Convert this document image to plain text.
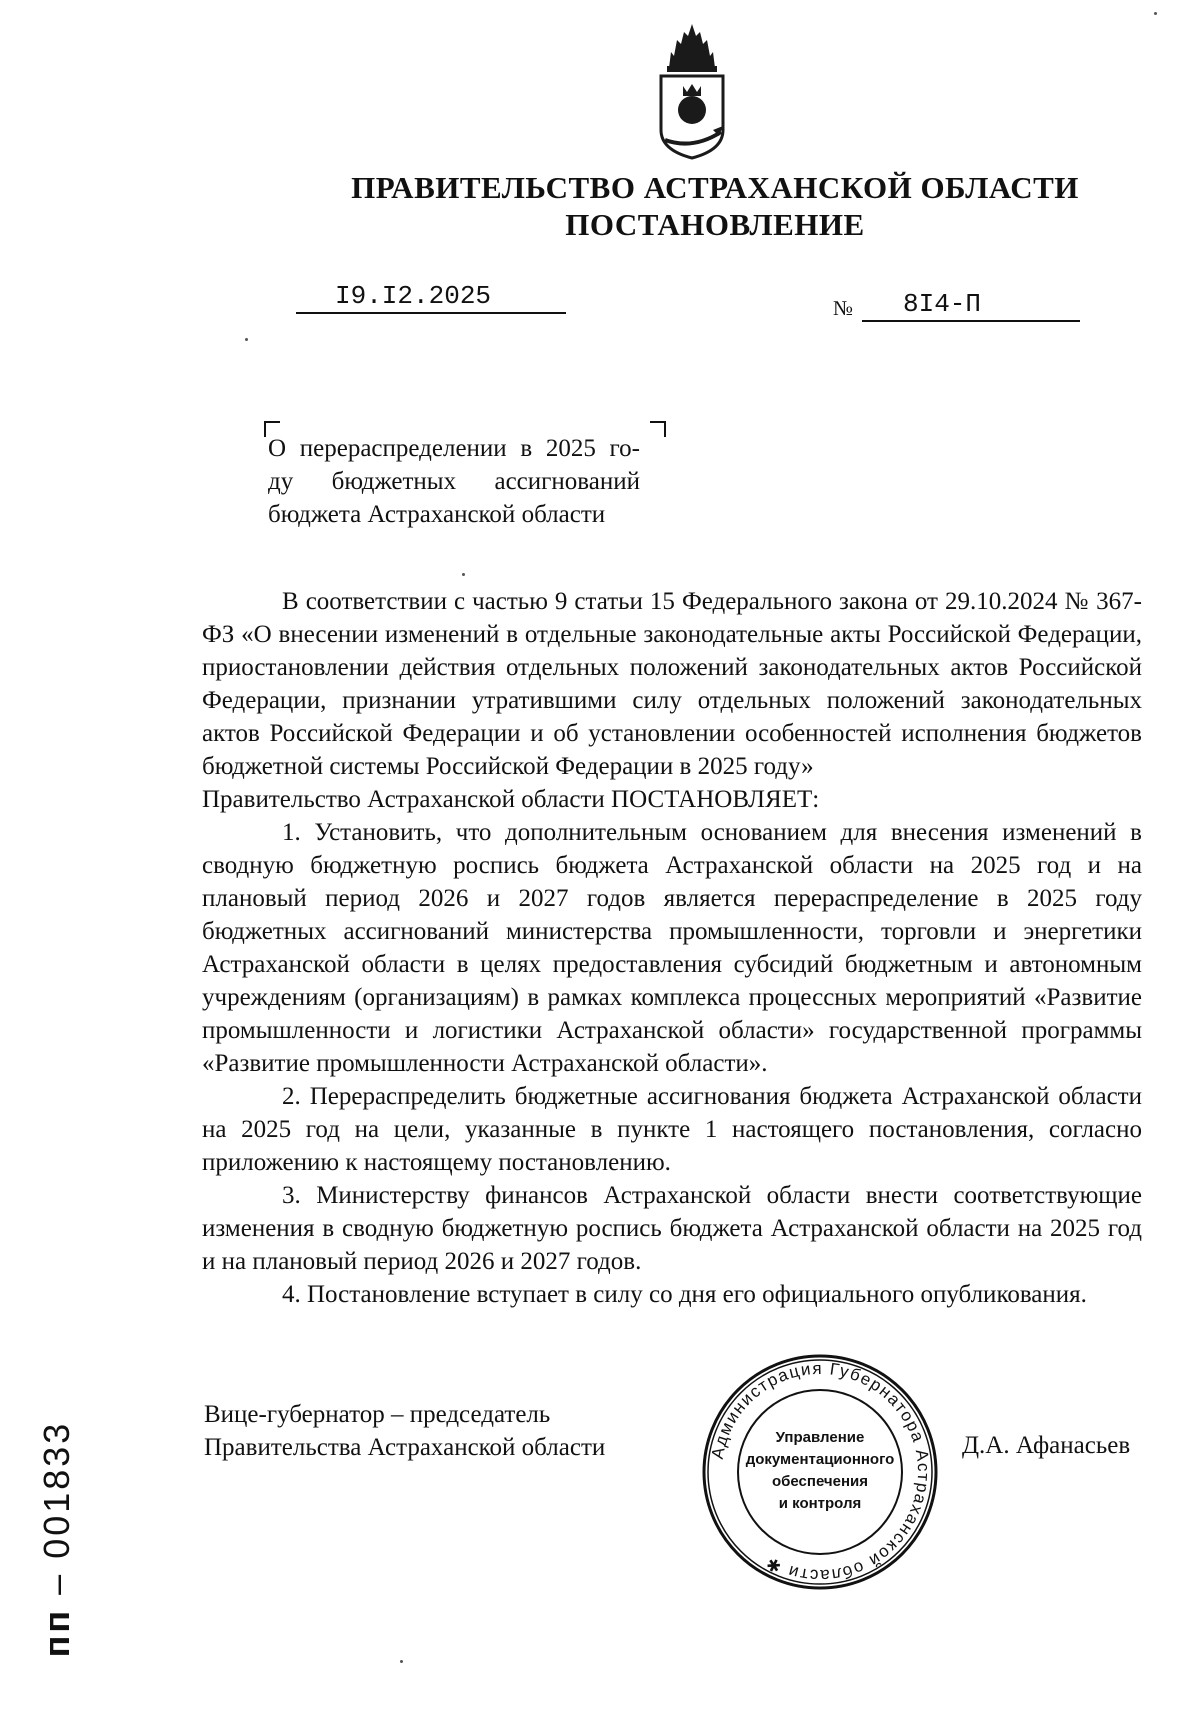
ПРАВИТЕЛЬСТВО АСТРАХАНСКОЙ ОБЛАСТИ
ПОСТАНОВЛЕНИЕ
I9.I2.2025	№ 8I4-П
О перераспределении в 2025 го-
ду бюджетных ассигнований
бюджета Астраханской области

В соответствии с частью 9 статьи 15 Федерального закона от 29.10.2024 № 367-ФЗ «О внесении изменений в отдельные законодательные акты Российской Федерации, приостановлении действия отдельных положений законодательных актов Российской Федерации, признании утратившими силу отдельных положений законодательных актов Российской Федерации и об установлении особенностей исполнения бюджетов бюджетной системы Российской Федерации в 2025 году»

Правительство Астраханской области ПОСТАНОВЛЯЕТ:

1. Установить, что дополнительным основанием для внесения изменений в сводную бюджетную роспись бюджета Астраханской области на 2025 год и на плановый период 2026 и 2027 годов является перераспределение в 2025 году бюджетных ассигнований министерства промышленности, торговли и энергетики Астраханской области в целях предоставления субсидий бюджетным и автономным учреждениям (организациям) в рамках комплекса процессных мероприятий «Развитие промышленности и логистики Астраханской области» государственной программы «Развитие промышленности Астраханской области».

2. Перераспределить бюджетные ассигнования бюджета Астраханской области на 2025 год на цели, указанные в пункте 1 настоящего постановления, согласно приложению к настоящему постановлению.

3. Министерству финансов Астраханской области внести соответствующие изменения в сводную бюджетную роспись бюджета Астраханской области на 2025 год и на плановый период 2026 и 2027 годов.

4. Постановление вступает в силу со дня его официального опубликования.

Вице-губернатор – председатель
Правительства Астраханской области	Администрация Губернатора Астраханской области ✱
Управление
документационного
обеспечения
и контроля
Д.А. Афанасьев
пп – 001833
